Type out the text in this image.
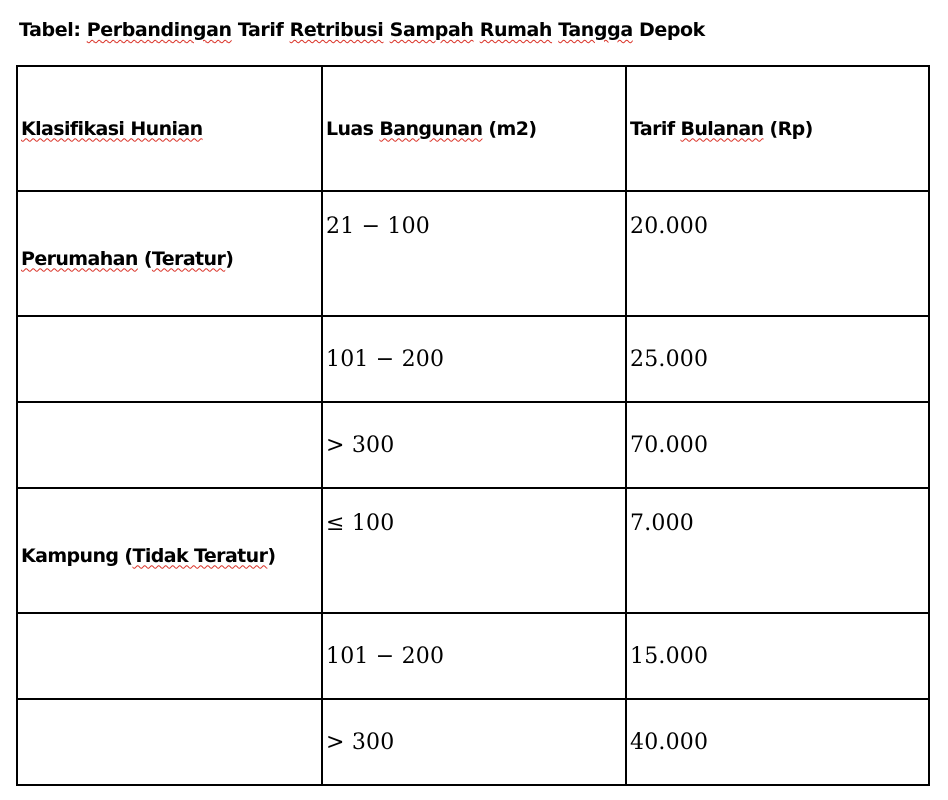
Tabel: Perbandingan Tarif Retribusi Sampah Rumah Tangga Depok
Klasifikasi Hunian	Luas Bangunan (m2)	Tarif Bulanan (Rp)
Perumahan (Teratur)	21 − 100	20.000
	101 − 200	25.000
	> 300	70.000
Kampung (Tidak Teratur)	≤ 100	7.000
	101 − 200	15.000
	> 300	40.000
